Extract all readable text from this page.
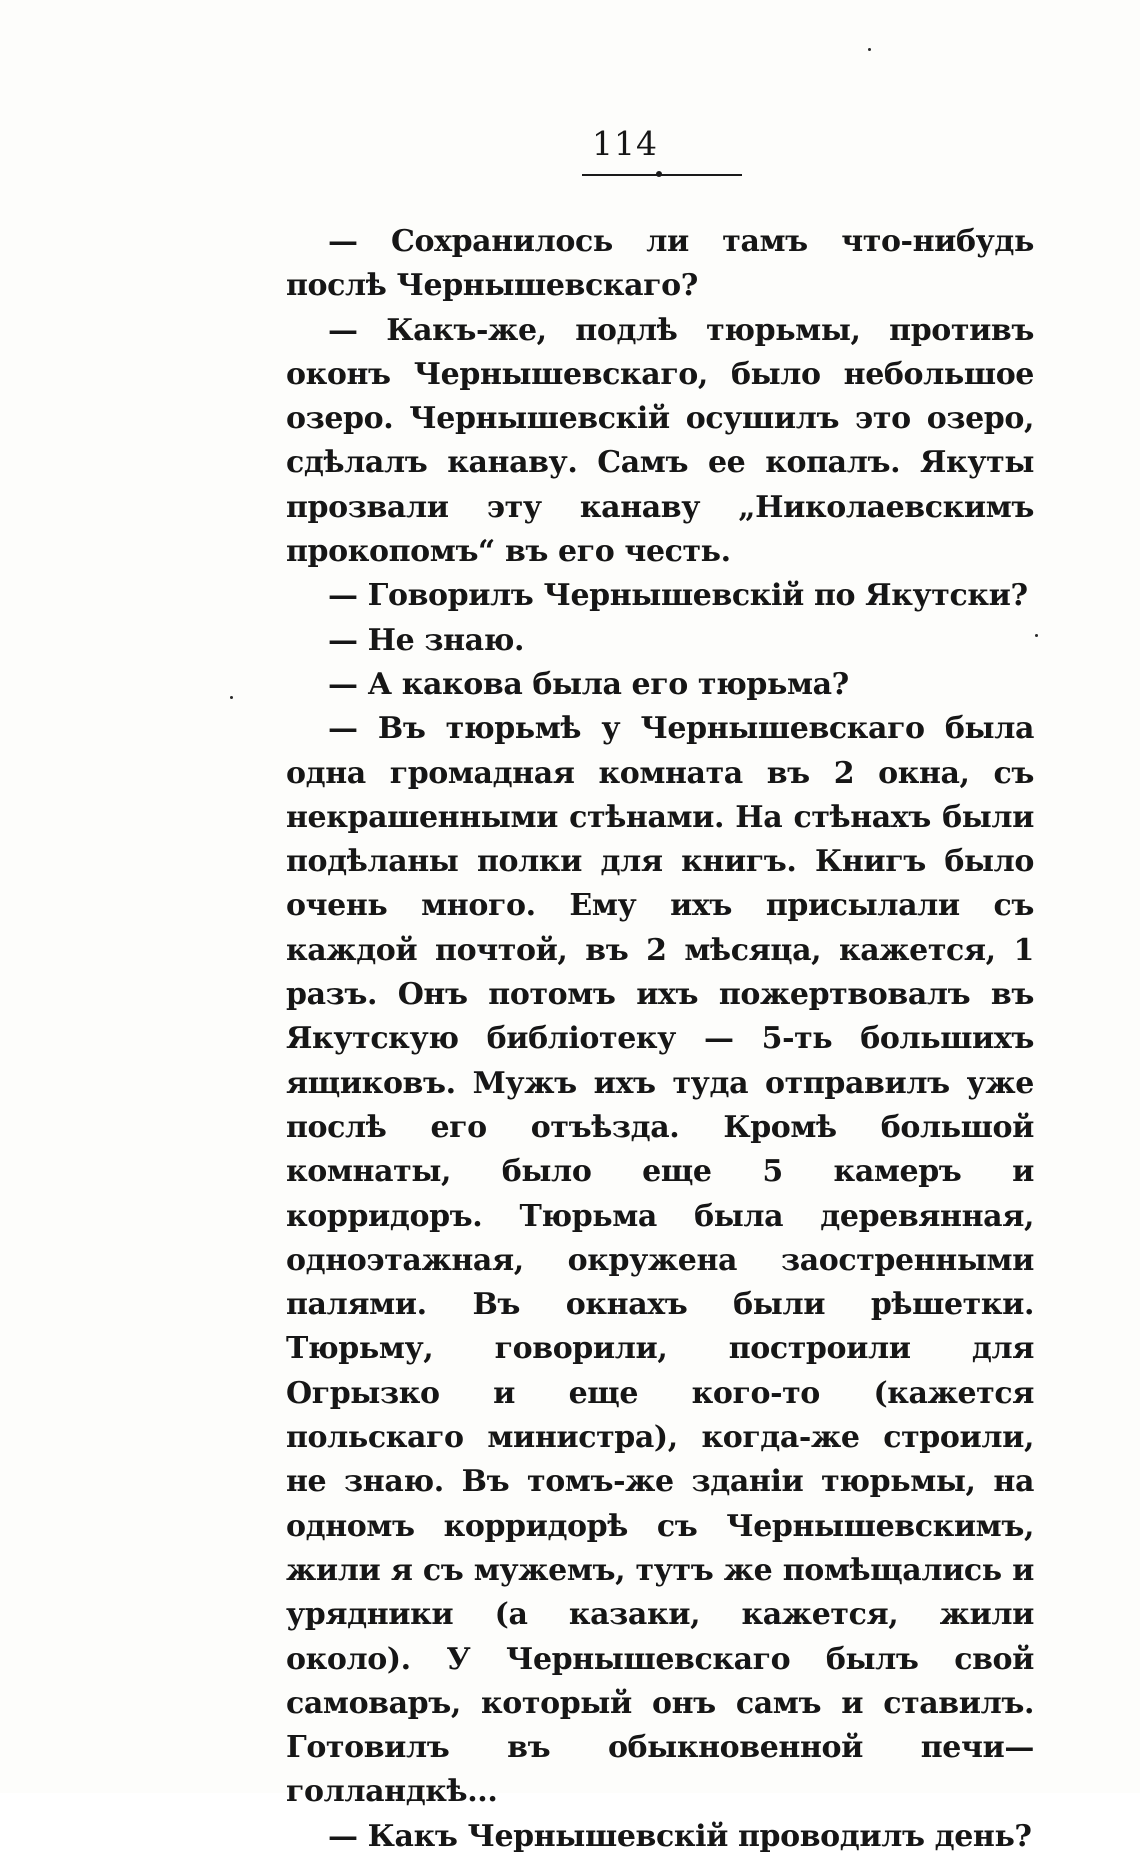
114

— Сохранилось ли тамъ что-нибудь послѣ Чернышевскаго?

— Какъ-же, подлѣ тюрьмы, противъ оконъ Чернышевскаго, было небольшое озеро. Чернышевскій осушилъ это озеро, сдѣлалъ канаву. Самъ ее копалъ. Якуты прозвали эту канаву „Николаевскимъ прокопомъ“ въ его честь.

— Говорилъ Чернышевскій по Якутски?

— Не знаю.

— А какова была его тюрьма?

— Въ тюрьмѣ у Чернышевскаго была одна громадная комната въ 2 окна, съ некрашенными стѣнами. На стѣнахъ были подѣланы полки для книгъ. Книгъ было очень много. Ему ихъ присылали съ каждой почтой, въ 2 мѣсяца, кажется, 1 разъ. Онъ потомъ ихъ пожертвовалъ въ Якутскую библіотеку — 5-ть большихъ ящиковъ. Мужъ ихъ туда отправилъ уже послѣ его отъѣзда. Кромѣ большой комнаты, было еще 5 камеръ и корридоръ. Тюрьма была деревянная, одноэтажная, окружена заостренными палями. Въ окнахъ были рѣшетки. Тюрьму, говорили, построили для Огрызко и еще кого-то (кажется польскаго министра), когда-же строили, не знаю. Въ томъ-же зданіи тюрьмы, на одномъ корридорѣ съ Чернышевскимъ, жили я съ мужемъ, тутъ же помѣщались и урядники (а казаки, кажется, жили около). У Чернышевскаго былъ свой самоваръ, который онъ самъ и ставилъ. Готовилъ въ обыкновенной печи—голландкѣ...

— Какъ Чернышевскій проводилъ день?
